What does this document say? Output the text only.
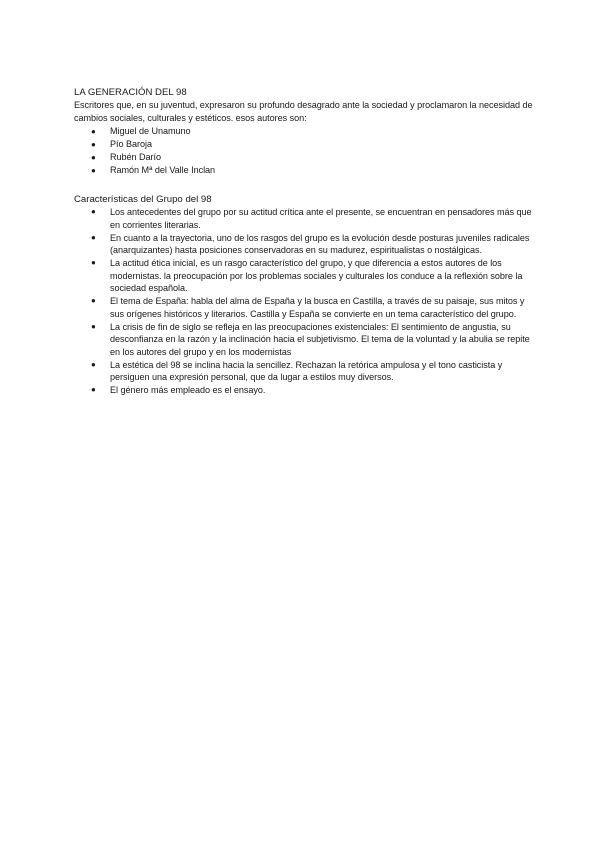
LA GENERACIÓN DEL 98

Escritores que, en su juventud, expresaron su profundo desagrado ante la sociedad y proclamaron la necesidad de cambios sociales, culturales y estéticos. esos autores son:

● Miguel de Unamuno
● Pío Baroja
● Rubén Darío
● Ramón Mª del Valle Inclan
Características del Grupo del 98
● Los antecedentes del grupo por su actitud crítica ante el presente, se encuentran en pensadores más que en corrientes literarias.
● En cuanto a la trayectoria, uno de los rasgos del grupo es la evolución desde posturas juveniles radicales (anarquizantes) hasta posiciones conservadoras en su madurez, espiritualistas o nostálgicas.
● La actitud ética inicial, es un rasgo característico del grupo, y que diferencia a estos autores de los modernistas. la preocupación por los problemas sociales y culturales los conduce a la reflexión sobre la sociedad española.
● El tema de España: habla del alma de España y la busca en Castilla, a través de su paisaje, sus mitos y sus orígenes históricos y literarios. Castilla y España se convierte en un tema característico del grupo.
● La crisis de fin de siglo se refleja en las preocupaciones existenciales: El sentimiento de angustia, su desconfianza en la razón y la inclinación hacia el subjetivismo. El tema de la voluntad y la abulia se repite en los autores del grupo y en los modernistas
● La estética del 98 se inclina hacia la sencillez. Rechazan la retórica ampulosa y el tono casticista y persiguen una expresión personal, que da lugar a estilos muy diversos.
● El género más empleado es el ensayo.
